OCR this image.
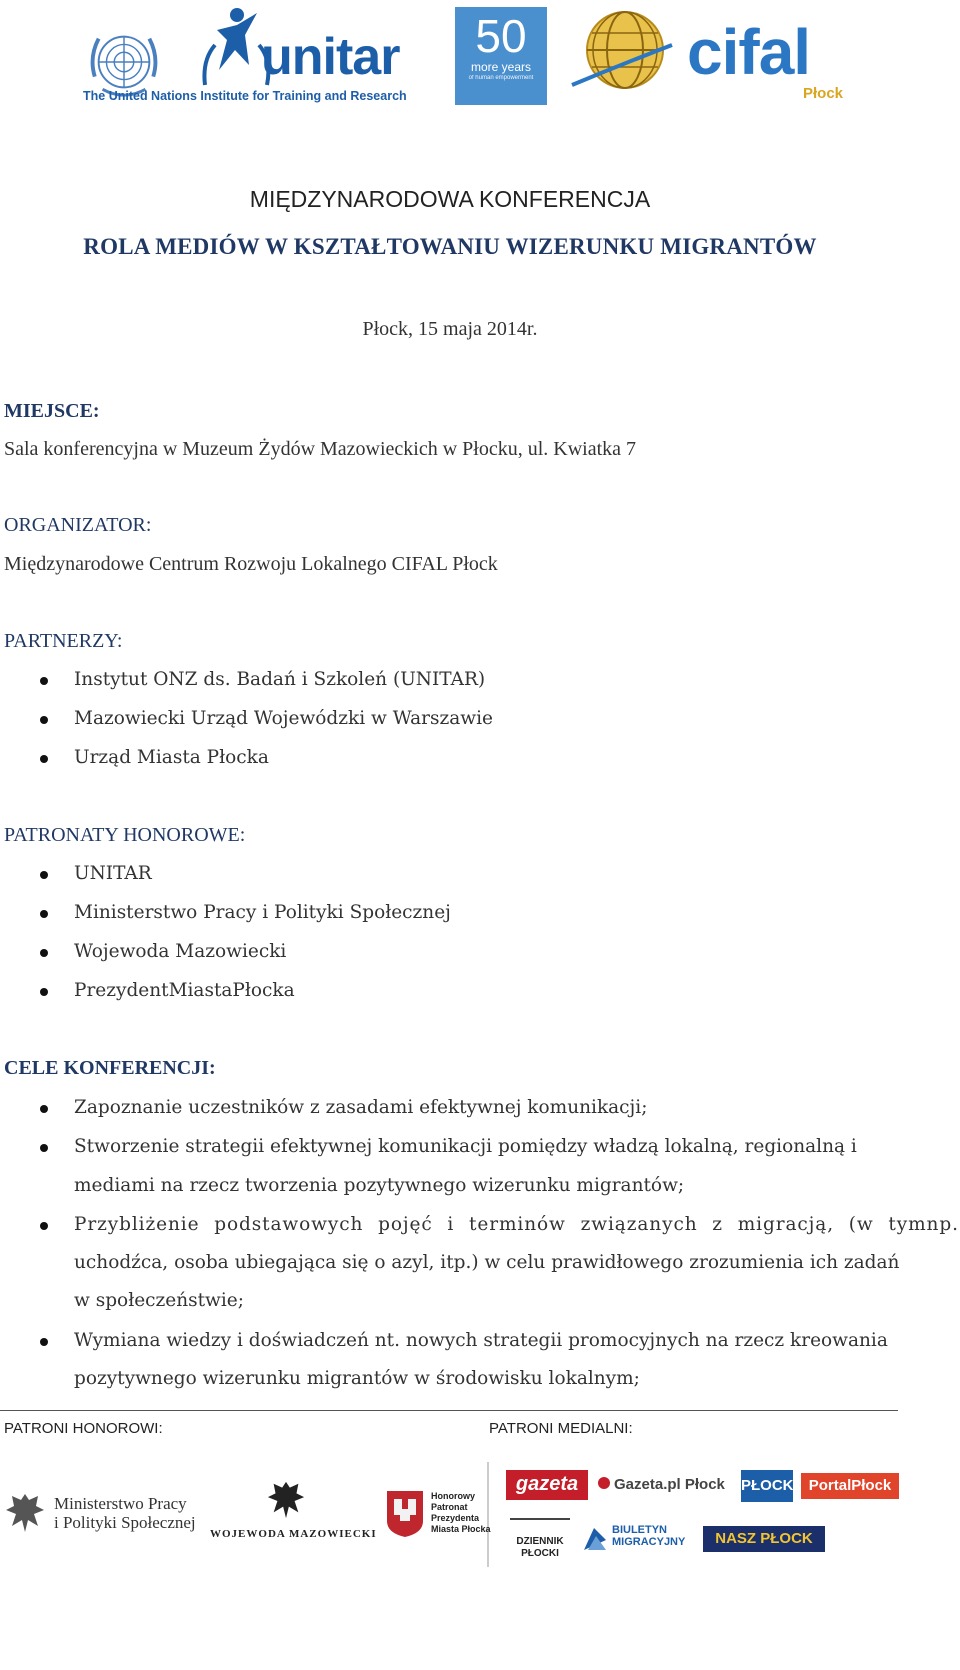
unitar
The United Nations Institute for Training and Research
50
more years
of human empowerment cifal
Płock
MIĘDZYNARODOWA KONFERENCJA
ROLA MEDIÓW W KSZTAŁTOWANIU WIZERUNKU MIGRANTÓW
Płock, 15 maja 2014r.
MIEJSCE:
Sala konferencyjna w Muzeum Żydów Mazowieckich w Płocku, ul. Kwiatka 7
ORGANIZATOR:
Międzynarodowe Centrum Rozwoju Lokalnego CIFAL Płock
PARTNERZY:
Instytut ONZ ds. Badań i Szkoleń (UNITAR)
Mazowiecki Urząd Wojewódzki w Warszawie
Urząd Miasta Płocka
PATRONATY HONOROWE:
UNITAR
Ministerstwo Pracy i Polityki Społecznej
Wojewoda Mazowiecki
PrezydentMiastaPłocka
CELE KONFERENCJI:
Zapoznanie uczestników z zasadami efektywnej komunikacji;
Stworzenie strategii efektywnej komunikacji pomiędzy władzą lokalną, regionalną i
mediami na rzecz tworzenia pozytywnego wizerunku migrantów;
Przybliżenie podstawowych pojęć i terminów związanych z migracją, (w tymnp.
uchodźca, osoba ubiegająca się o azyl, itp.) w celu prawidłowego zrozumienia ich zadań
w społeczeństwie;
Wymiana wiedzy i doświadczeń nt. nowych strategii promocyjnych na rzecz kreowania
pozytywnego wizerunku migrantów w środowisku lokalnym;
PATRONI HONOROWI:	PATRONI MEDIALNI:
Ministerstwo Pracy
i Polityki Społecznej
WOJEWODA MAZOWIECKI
Honorowy
Patronat
Prezydenta
Miasta Płocka
gazeta	Gazeta.pl Płock	PŁOCKI PortalPłock
DZIENNIK PŁOCKI
BIULETYN
MIGRACYJNY	NASZ PŁOCK
